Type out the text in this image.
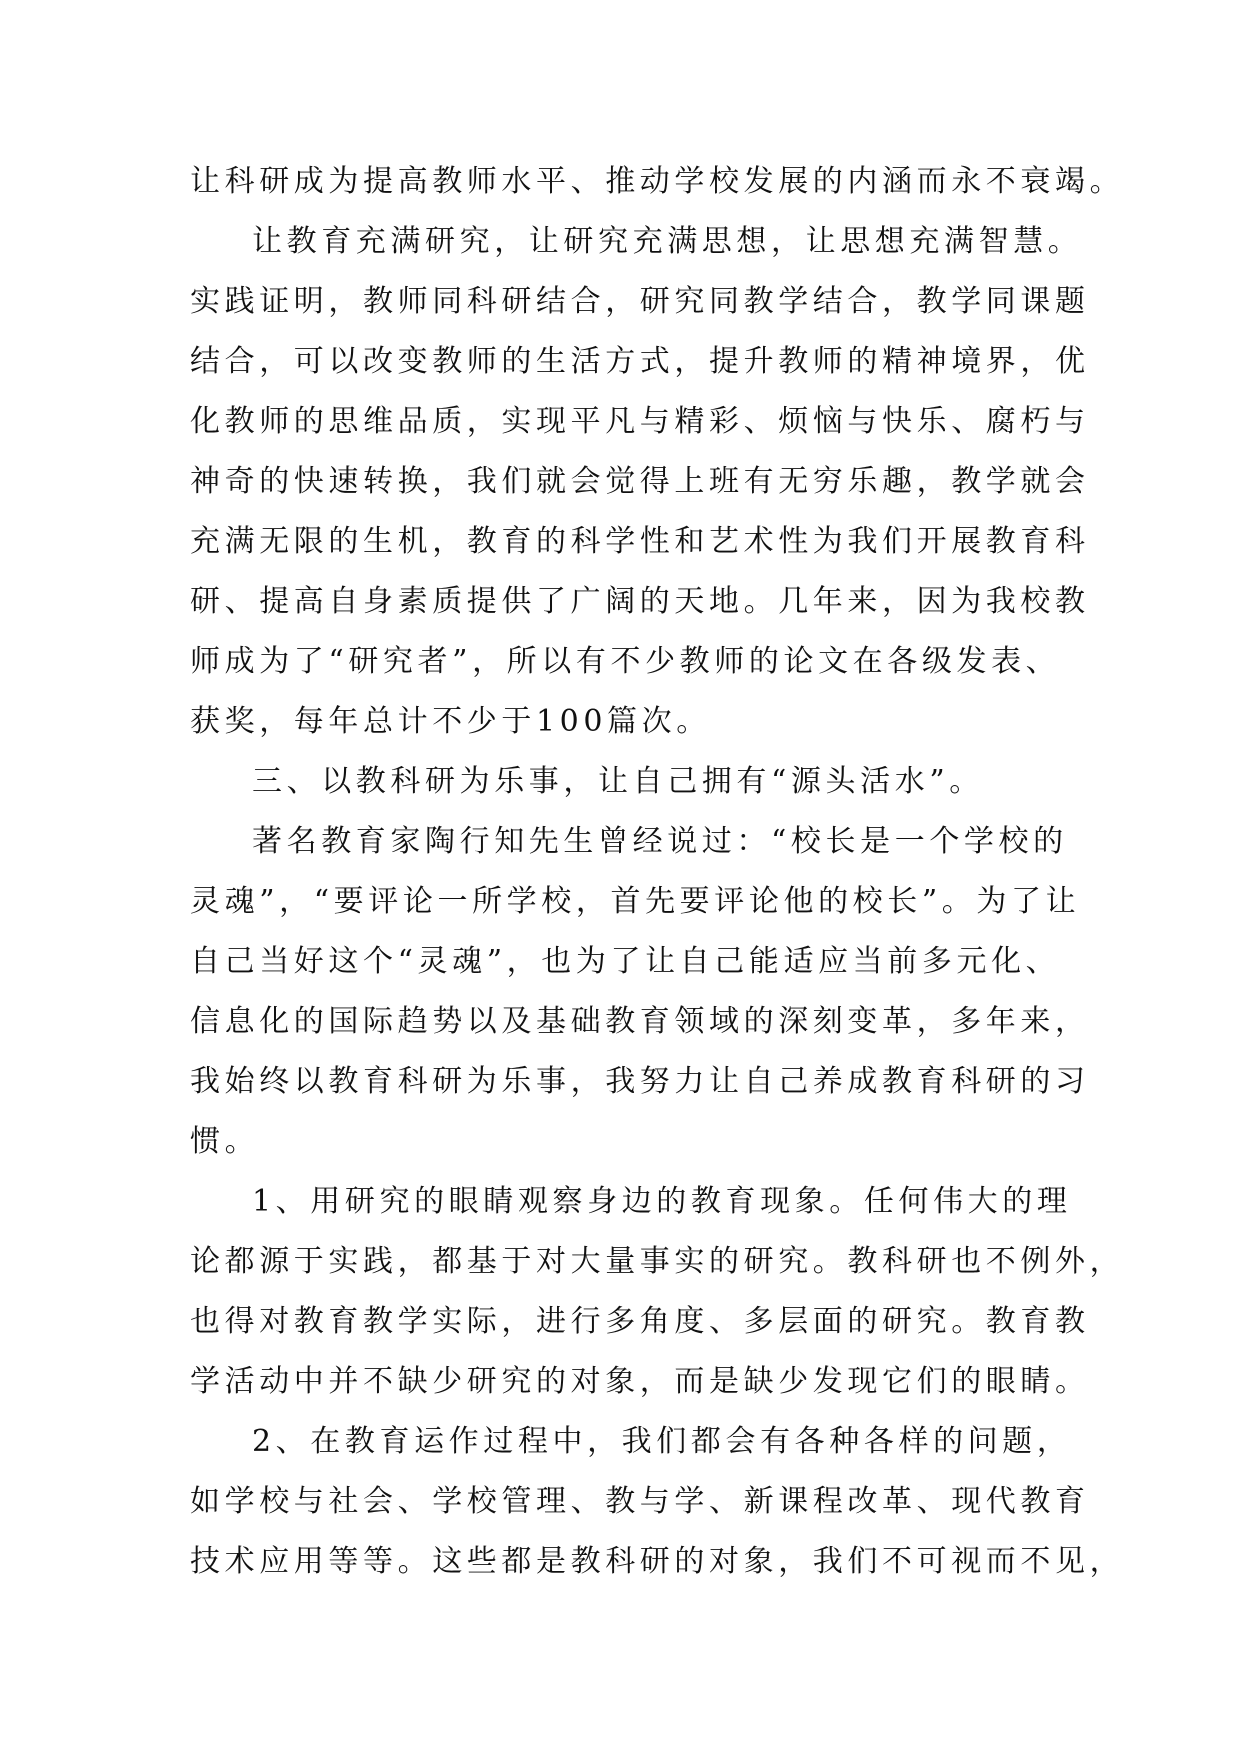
让科研成为提高教师水平、推动学校发展的内涵而永不衰竭。
让教育充满研究，让研究充满思想，让思想充满智慧。
实践证明，教师同科研结合，研究同教学结合，教学同课题
结合，可以改变教师的生活方式，提升教师的精神境界，优
化教师的思维品质，实现平凡与精彩、烦恼与快乐、腐朽与
神奇的快速转换，我们就会觉得上班有无穷乐趣，教学就会
充满无限的生机，教育的科学性和艺术性为我们开展教育科
研、提高自身素质提供了广阔的天地。几年来，因为我校教
师成为了“研究者”，所以有不少教师的论文在各级发表、
获奖，每年总计不少于100篇次。
三、以教科研为乐事，让自己拥有“源头活水”。
著名教育家陶行知先生曾经说过：“校长是一个学校的
灵魂”，“要评论一所学校，首先要评论他的校长”。为了让
自己当好这个“灵魂”，也为了让自己能适应当前多元化、
信息化的国际趋势以及基础教育领域的深刻变革，多年来，
我始终以教育科研为乐事，我努力让自己养成教育科研的习
惯。
1、用研究的眼睛观察身边的教育现象。任何伟大的理
论都源于实践，都基于对大量事实的研究。教科研也不例外，
也得对教育教学实际，进行多角度、多层面的研究。教育教
学活动中并不缺少研究的对象，而是缺少发现它们的眼睛。
2、在教育运作过程中，我们都会有各种各样的问题，
如学校与社会、学校管理、教与学、新课程改革、现代教育
技术应用等等。这些都是教科研的对象，我们不可视而不见，
